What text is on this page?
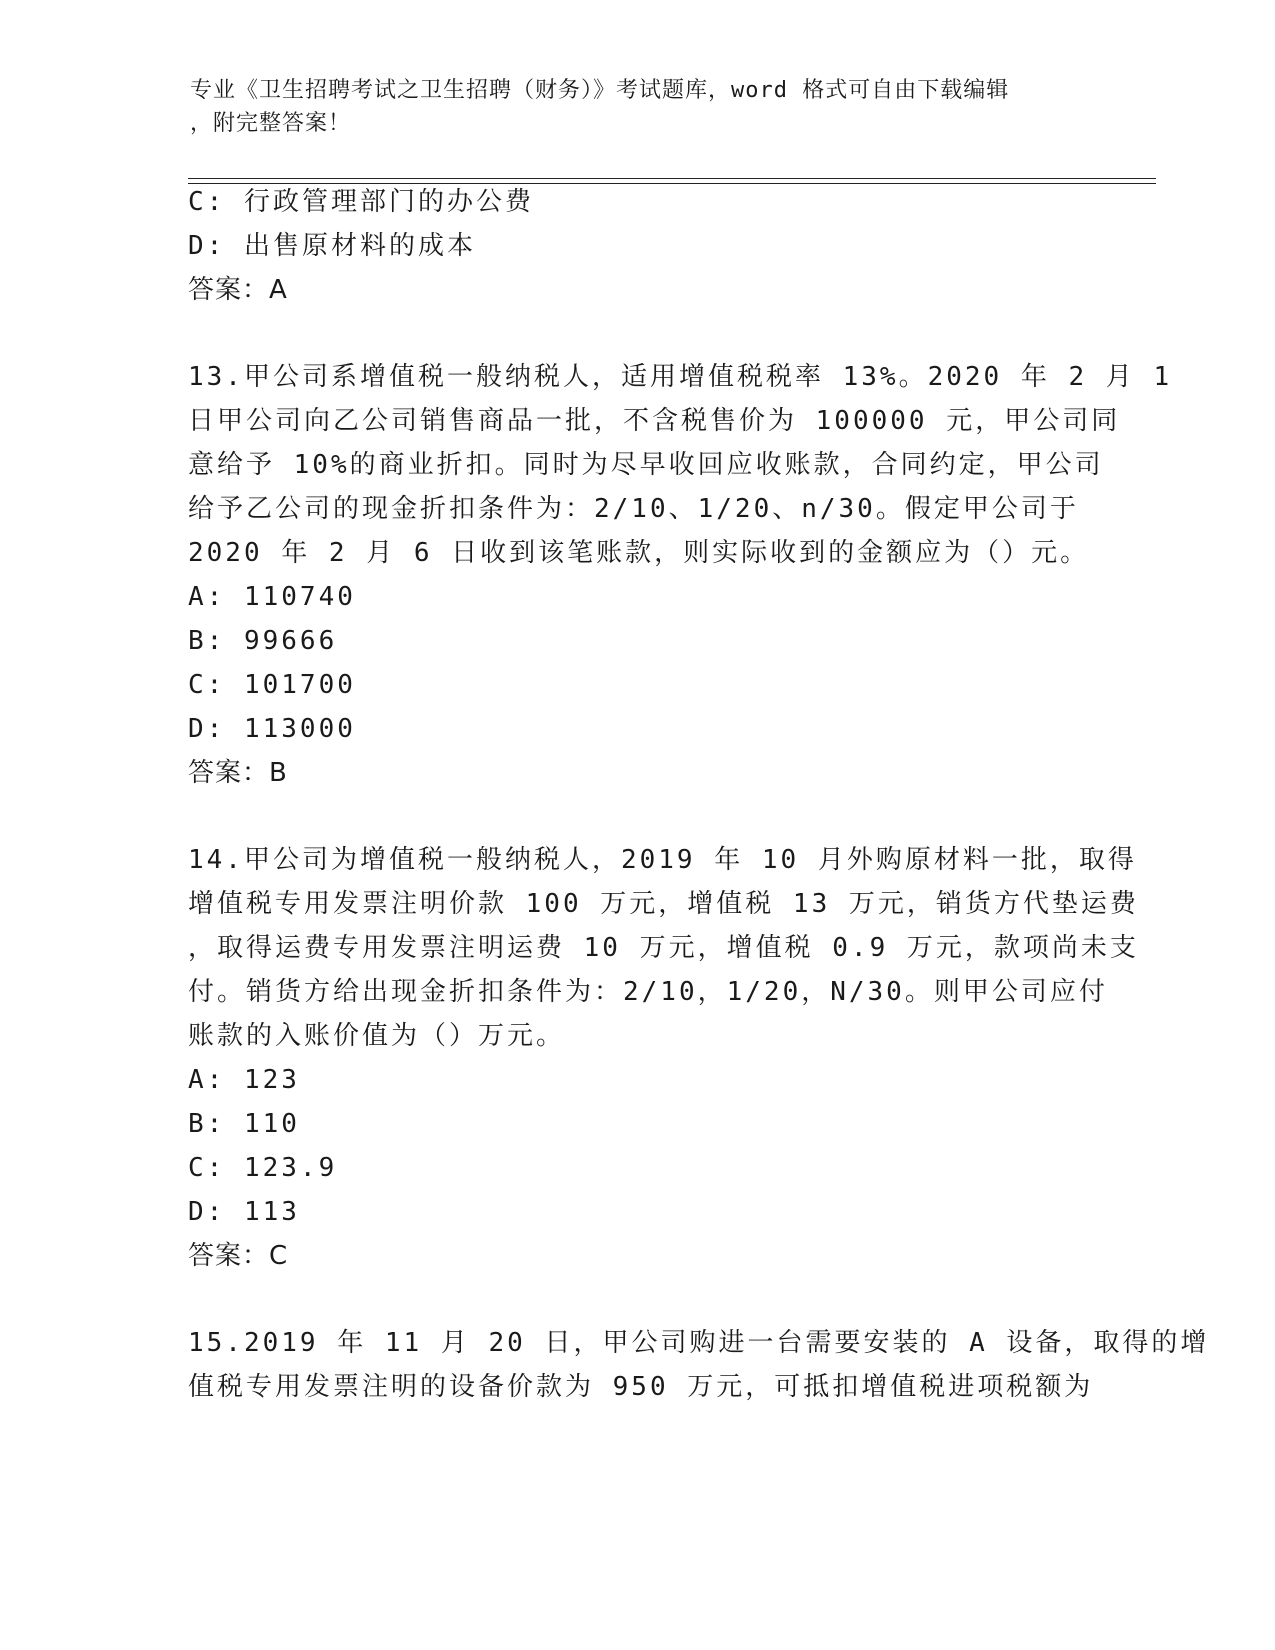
专业《卫生招聘考试之卫生招聘（财务）》考试题库，word 格式可自由下载编辑
，附完整答案！
C: 行政管理部门的办公费
D: 出售原材料的成本
答案：A
13.甲公司系增值税一般纳税人，适用增值税税率 13%。2020 年 2 月 1
日甲公司向乙公司销售商品一批，不含税售价为 100000 元，甲公司同
意给予 10%的商业折扣。同时为尽早收回应收账款，合同约定，甲公司
给予乙公司的现金折扣条件为：2/10、1/20、n/30。假定甲公司于
2020 年 2 月 6 日收到该笔账款，则实际收到的金额应为（）元。
A: 110740
B: 99666
C: 101700
D: 113000
答案：B
14.甲公司为增值税一般纳税人，2019 年 10 月外购原材料一批，取得
增值税专用发票注明价款 100 万元，增值税 13 万元，销货方代垫运费
，取得运费专用发票注明运费 10 万元，增值税 0.9 万元，款项尚未支
付。销货方给出现金折扣条件为：2/10，1/20，N/30。则甲公司应付
账款的入账价值为（）万元。
A: 123
B: 110
C: 123.9
D: 113
答案：C
15.2019 年 11 月 20 日，甲公司购进一台需要安装的 A 设备，取得的增
值税专用发票注明的设备价款为 950 万元，可抵扣增值税进项税额为
